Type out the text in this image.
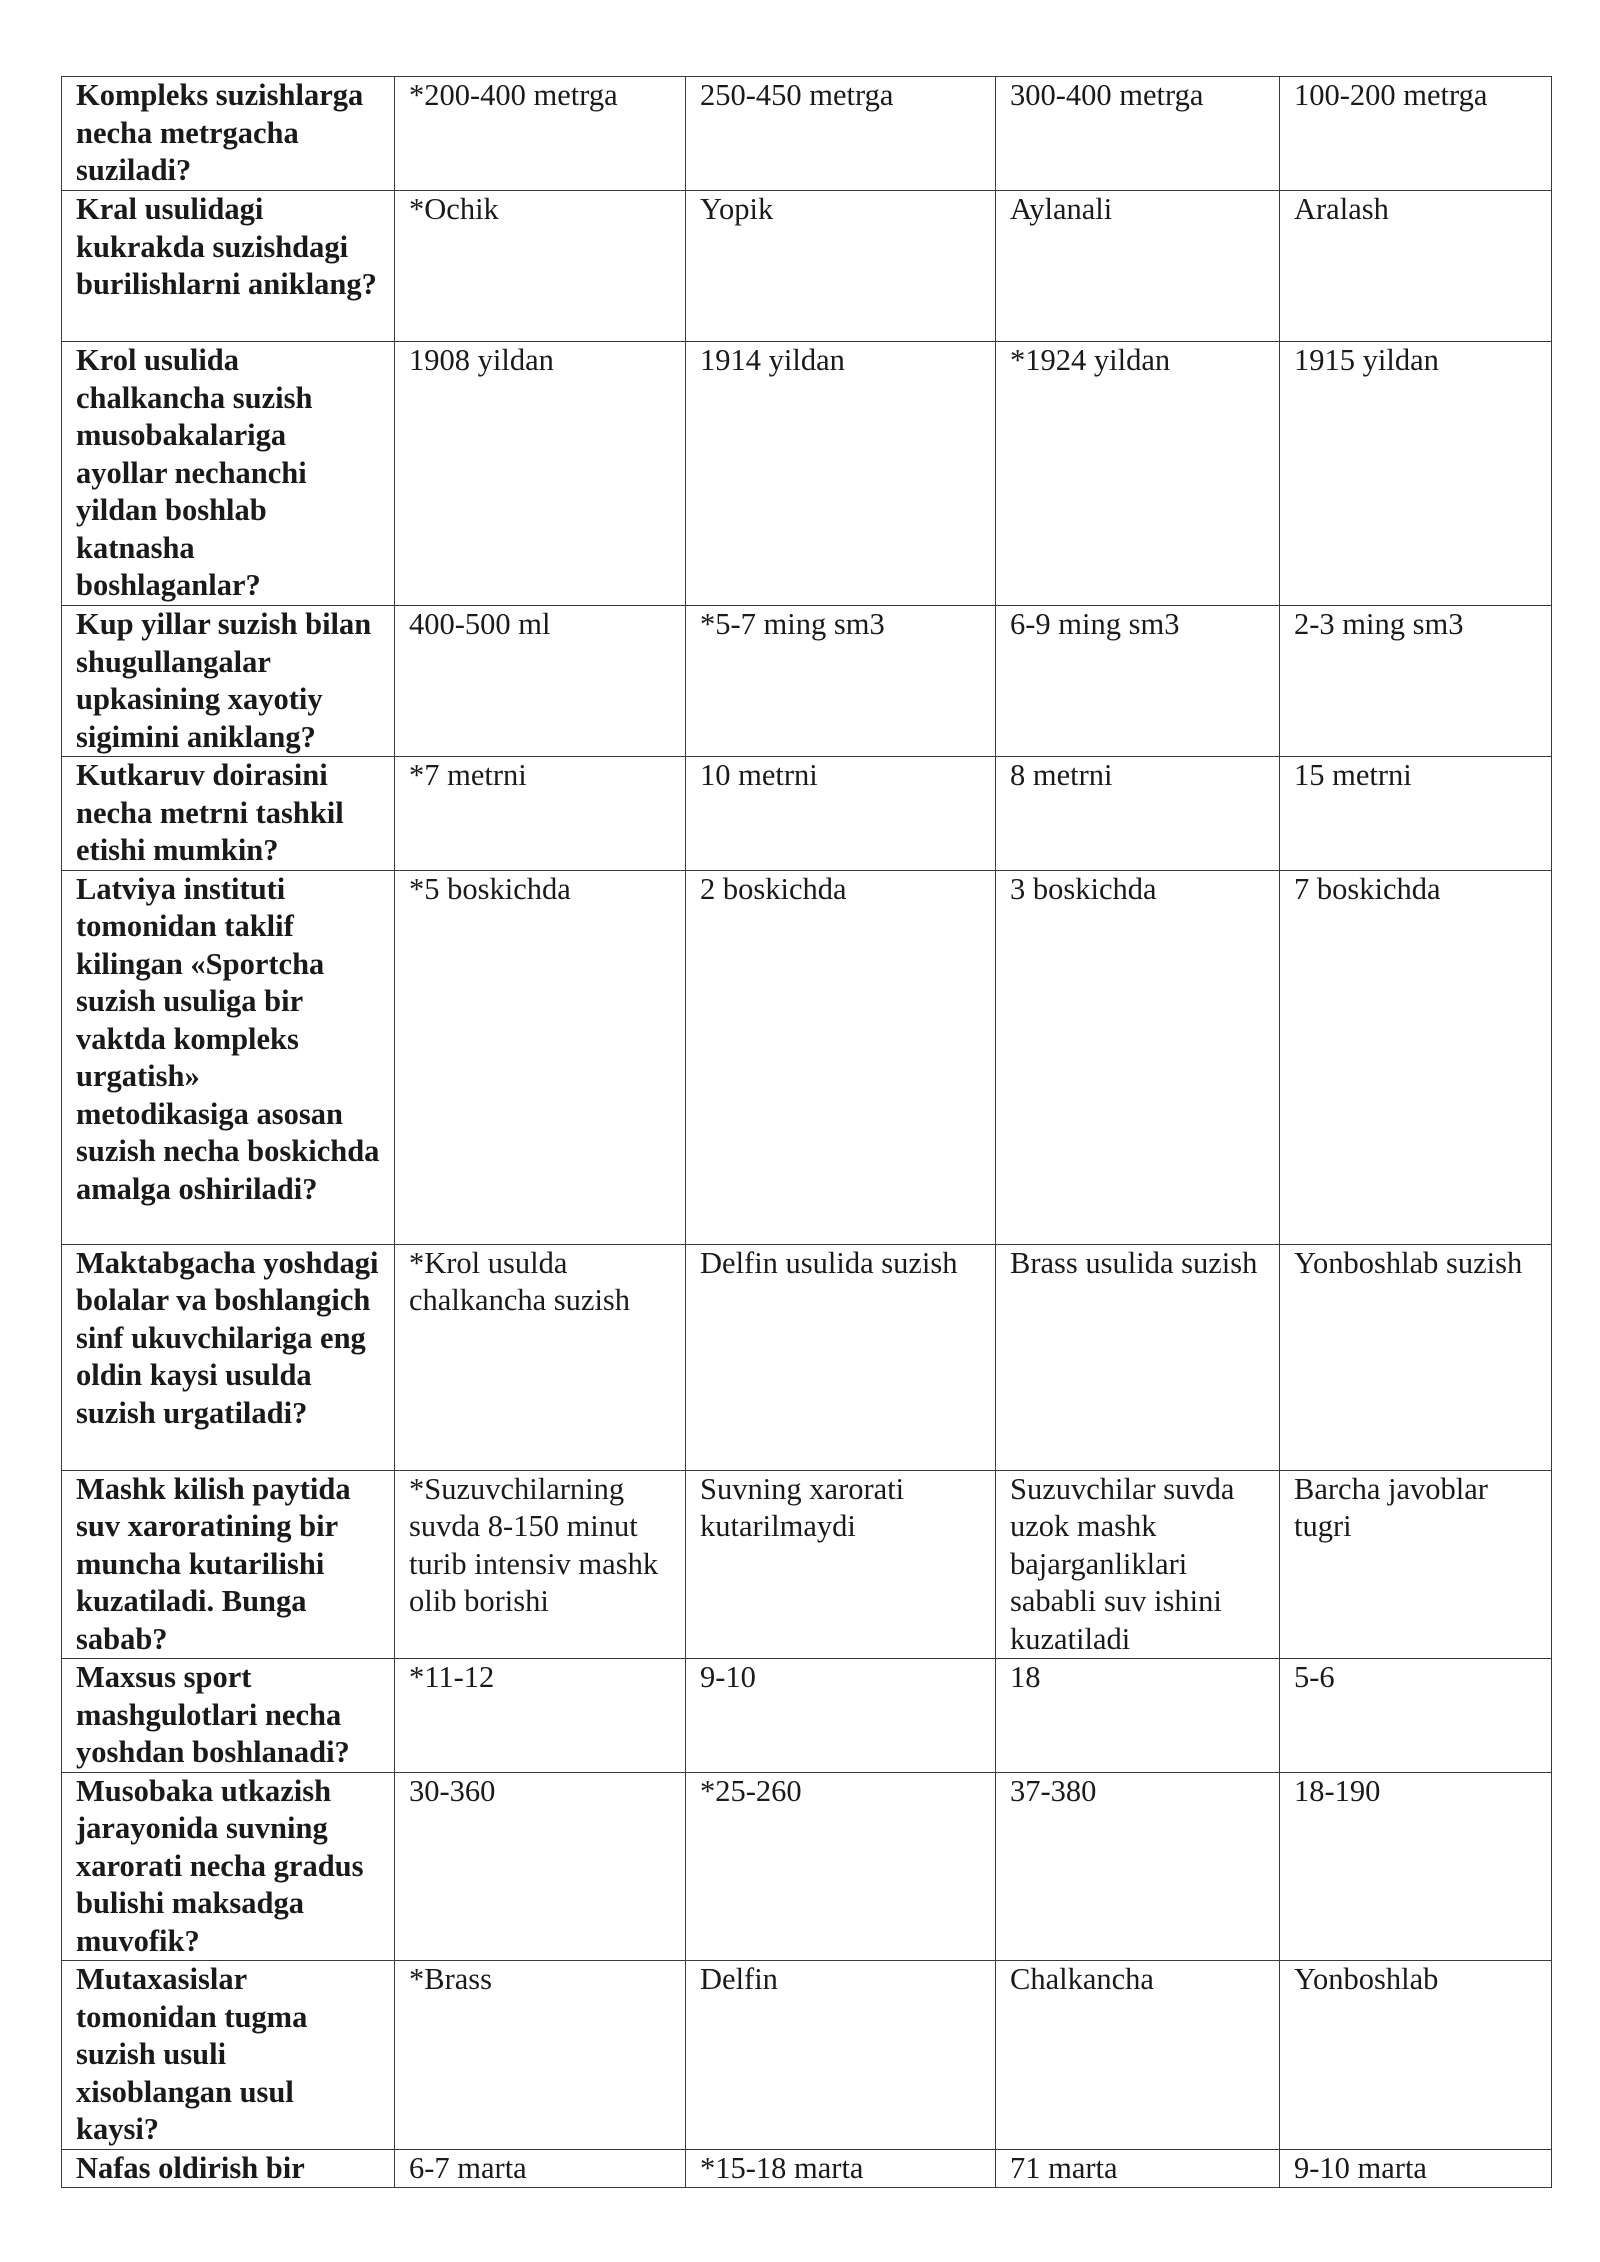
Kompleks suzishlarga necha metrgacha suziladi?	*200-400 metrga	250-450 metrga	300-400 metrga	100-200 metrga
Kral usulidagi kukrakda suzishdagi burilishlarni aniklang?	*Ochik	Yopik	Aylanali	Aralash
Krol usulida chalkancha suzish musobakalariga ayollar nechanchi yildan boshlab katnasha boshlaganlar?	1908 yildan	1914 yildan	*1924 yildan	1915 yildan
Kup yillar suzish bilan shugullangalar upkasining xayotiy sigimini aniklang?	400-500 ml	*5-7 ming sm3	6-9 ming sm3	2-3 ming sm3
Kutkaruv doirasini necha metrni tashkil etishi mumkin?	*7 metrni	10 metrni	8 metrni	15 metrni
Latviya instituti tomonidan taklif kilingan «Sportcha suzish usuliga bir vaktda kompleks urgatish» metodikasiga asosan suzish necha boskichda amalga oshiriladi?	*5 boskichda	2 boskichda	3 boskichda	7 boskichda
Maktabgacha yoshdagi bolalar va boshlangich sinf ukuvchilariga eng oldin kaysi usulda suzish urgatiladi?	*Krol usulda chalkancha suzish	Delfin usulida suzish	Brass usulida suzish	Yonboshlab suzish
Mashk kilish paytida suv xaroratining bir muncha kutarilishi kuzatiladi. Bunga sabab?	*Suzuvchilarning suvda 8-150 minut turib intensiv mashk olib borishi	Suvning xarorati kutarilmaydi	Suzuvchilar suvda uzok mashk bajarganliklari sababli suv ishini kuzatiladi	Barcha javoblar tugri
Maxsus sport mashgulotlari necha yoshdan boshlanadi?	*11-12	9-10	18	5-6
Musobaka utkazish jarayonida suvning xarorati necha gradus bulishi maksadga muvofik?	30-360	*25-260	37-380	18-190
Mutaxasislar tomonidan tugma suzish usuli xisoblangan usul kaysi?	*Brass	Delfin	Chalkancha	Yonboshlab
Nafas oldirish bir	6-7 marta	*15-18 marta	71 marta	9-10 marta
